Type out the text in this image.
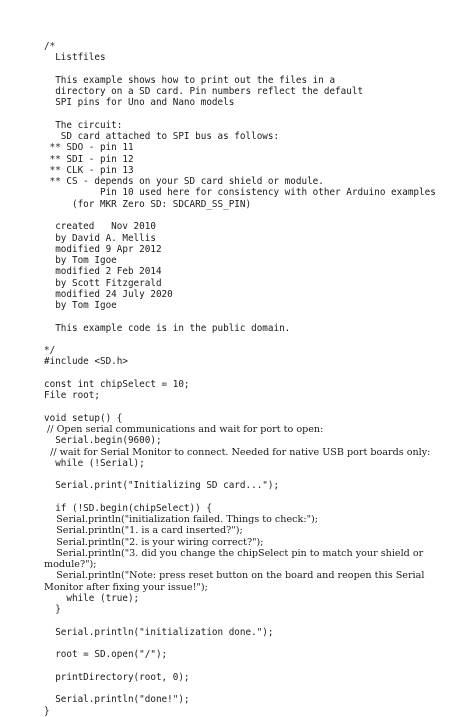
/*
Listfiles
This example shows how to print out the files in a
directory on a SD card. Pin numbers reflect the default
SPI pins for Uno and Nano models
The circuit:
SD card attached to SPI bus as follows:
** SDO - pin 11
** SDI - pin 12
** CLK - pin 13
** CS - depends on your SD card shield or module.
Pin 10 used here for consistency with other Arduino examples
(for MKR Zero SD: SDCARD_SS_PIN)
created   Nov 2010
by David A. Mellis
modified 9 Apr 2012
by Tom Igoe
modified 2 Feb 2014
by Scott Fitzgerald
modified 24 July 2020
by Tom Igoe
This example code is in the public domain.
*/
#include <SD.h>
const int chipSelect = 10;
File root;
void setup() {
// Open serial communications and wait for port to open:
Serial.begin(9600);
// wait for Serial Monitor to connect. Needed for native USB port boards only:
while (!Serial);
Serial.print("Initializing SD card...");
if (!SD.begin(chipSelect)) {
Serial.println("initialization failed. Things to check:");
Serial.println("1. is a card inserted?");
Serial.println("2. is your wiring correct?");
Serial.println("3. did you change the chipSelect pin to match your shield or
module?");
Serial.println("Note: press reset button on the board and reopen this Serial
Monitor after fixing your issue!");
while (true);
}
Serial.println("initialization done.");
root = SD.open("/");
printDirectory(root, 0);
Serial.println("done!");
}
